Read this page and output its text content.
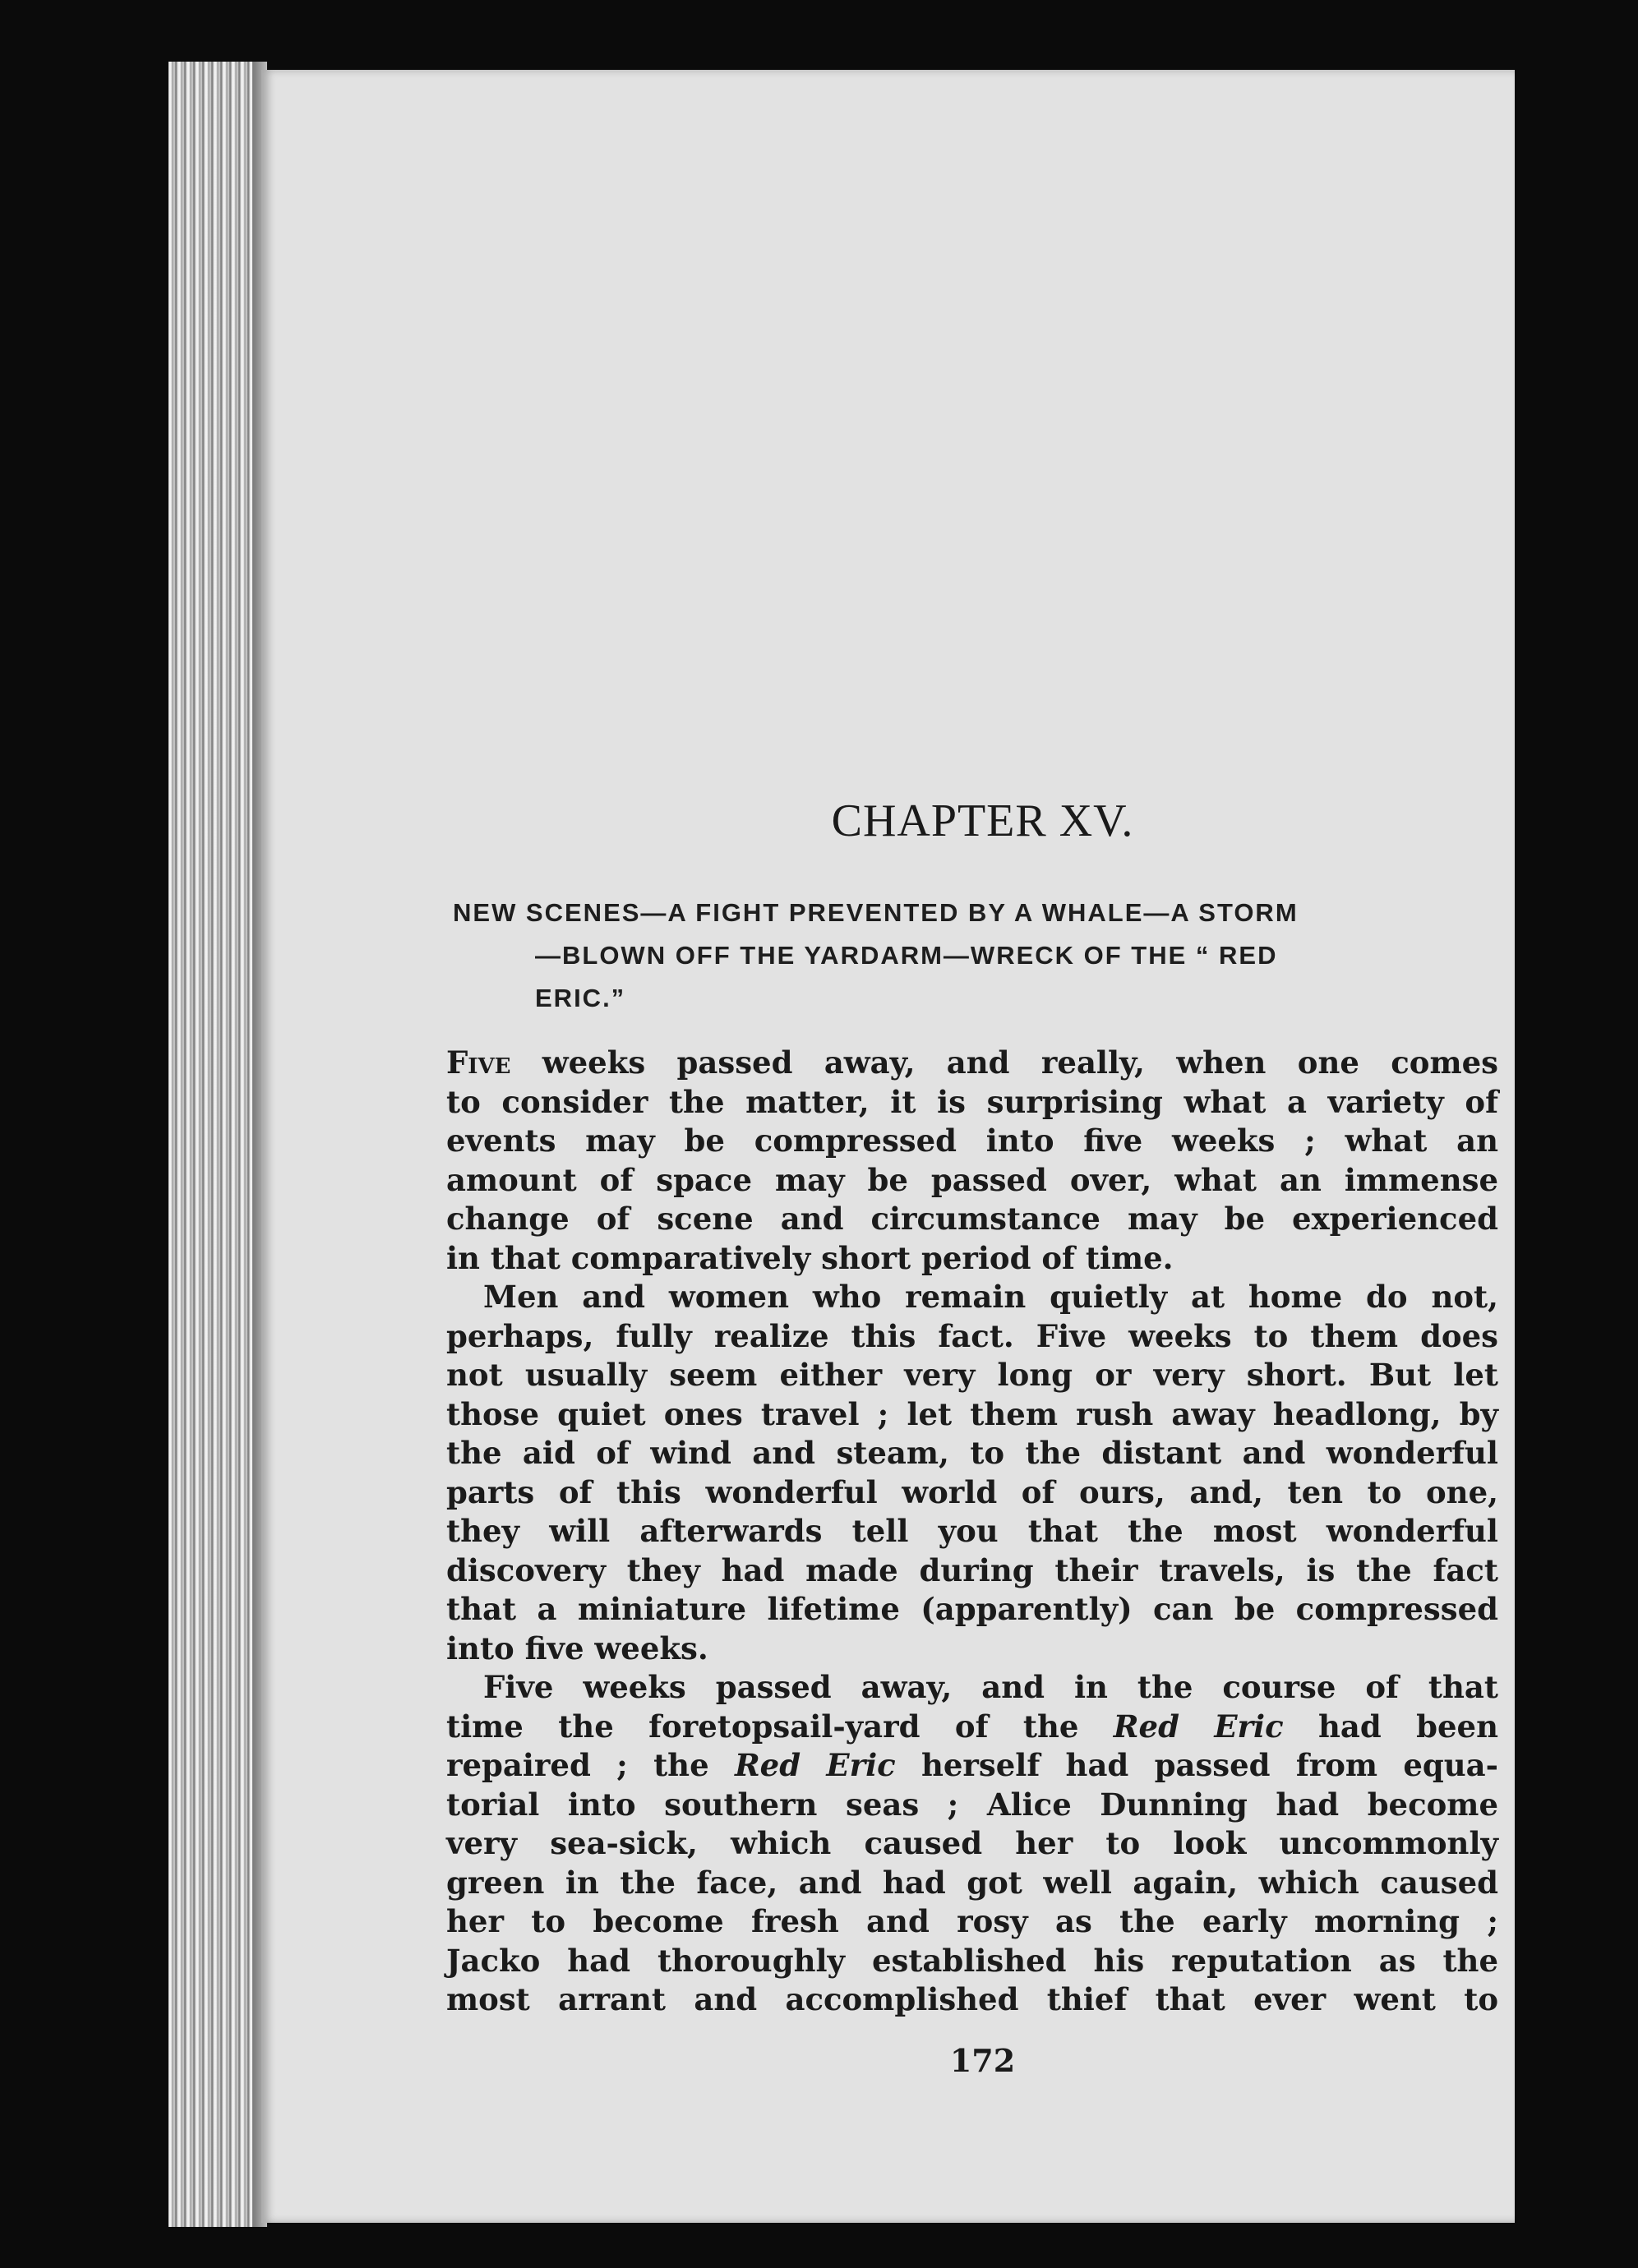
CHAPTER XV.

NEW SCENES—A FIGHT PREVENTED BY A WHALE—A STORM
—BLOWN OFF THE YARDARM—WRECK OF THE “ RED
ERIC.”

Five weeks passed away, and really, when one comes
to consider the matter, it is surprising what a variety of
events may be compressed into five weeks ; what an
amount of space may be passed over, what an immense
change of scene and circumstance may be experienced
in that comparatively short period of time.
Men and women who remain quietly at home do not,
perhaps, fully realize this fact. Five weeks to them does
not usually seem either very long or very short. But let
those quiet ones travel ; let them rush away headlong, by
the aid of wind and steam, to the distant and wonderful
parts of this wonderful world of ours, and, ten to one,
they will afterwards tell you that the most wonderful
discovery they had made during their travels, is the fact
that a miniature lifetime (apparently) can be compressed
into five weeks.
Five weeks passed away, and in the course of that
time the foretopsail-yard of the Red Eric had been
repaired ; the Red Eric herself had passed from equa-
torial into southern seas ; Alice Dunning had become
very sea-sick, which caused her to look uncommonly
green in the face, and had got well again, which caused
her to become fresh and rosy as the early morning ;
Jacko had thoroughly established his reputation as the
most arrant and accomplished thief that ever went to
172
